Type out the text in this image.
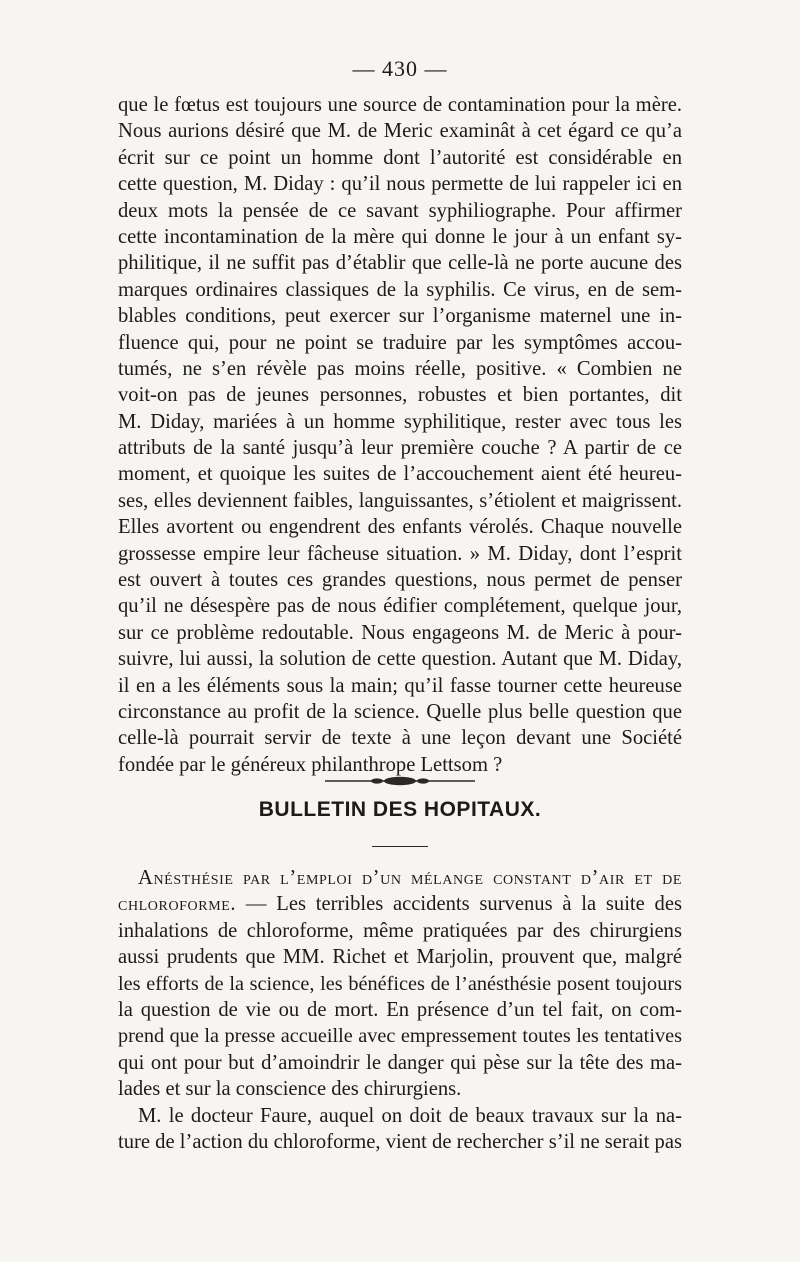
— 430 —
que le fœtus est toujours une source de contamination pour la mère.
Nous aurions désiré que M. de Meric examinât à cet égard ce qu’a
écrit sur ce point un homme dont l’autorité est considérable en
cette question, M. Diday : qu’il nous permette de lui rappeler ici en
deux mots la pensée de ce savant syphiliographe. Pour affirmer
cette incontamination de la mère qui donne le jour à un enfant sy-
philitique, il ne suffit pas d’établir que celle-là ne porte aucune des
marques ordinaires classiques de la syphilis. Ce virus, en de sem-
blables conditions, peut exercer sur l’organisme maternel une in-
fluence qui, pour ne point se traduire par les symptômes accou-
tumés, ne s’en révèle pas moins réelle, positive. « Combien ne
voit-on pas de jeunes personnes, robustes et bien portantes, dit
M. Diday, mariées à un homme syphilitique, rester avec tous les
attributs de la santé jusqu’à leur première couche ? A partir de ce
moment, et quoique les suites de l’accouchement aient été heureu-
ses, elles deviennent faibles, languissantes, s’étiolent et maigrissent.
Elles avortent ou engendrent des enfants vérolés. Chaque nouvelle
grossesse empire leur fâcheuse situation. » M. Diday, dont l’esprit
est ouvert à toutes ces grandes questions, nous permet de penser
qu’il ne désespère pas de nous édifier complétement, quelque jour,
sur ce problème redoutable. Nous engageons M. de Meric à pour-
suivre, lui aussi, la solution de cette question. Autant que M. Diday,
il en a les éléments sous la main; qu’il fasse tourner cette heureuse
circonstance au profit de la science. Quelle plus belle question que
celle-là pourrait servir de texte à une leçon devant une Société
fondée par le généreux philanthrope Lettsom ?
BULLETIN DES HOPITAUX.
Anésthésie par l’emploi d’un mélange constant d’air et de
chloroforme. — Les terribles accidents survenus à la suite des
inhalations de chloroforme, même pratiquées par des chirurgiens
aussi prudents que MM. Richet et Marjolin, prouvent que, malgré
les efforts de la science, les bénéfices de l’anésthésie posent toujours
la question de vie ou de mort. En présence d’un tel fait, on com-
prend que la presse accueille avec empressement toutes les tentatives
qui ont pour but d’amoindrir le danger qui pèse sur la tête des ma-
lades et sur la conscience des chirurgiens.
M. le docteur Faure, auquel on doit de beaux travaux sur la na-
ture de l’action du chloroforme, vient de rechercher s’il ne serait pas
